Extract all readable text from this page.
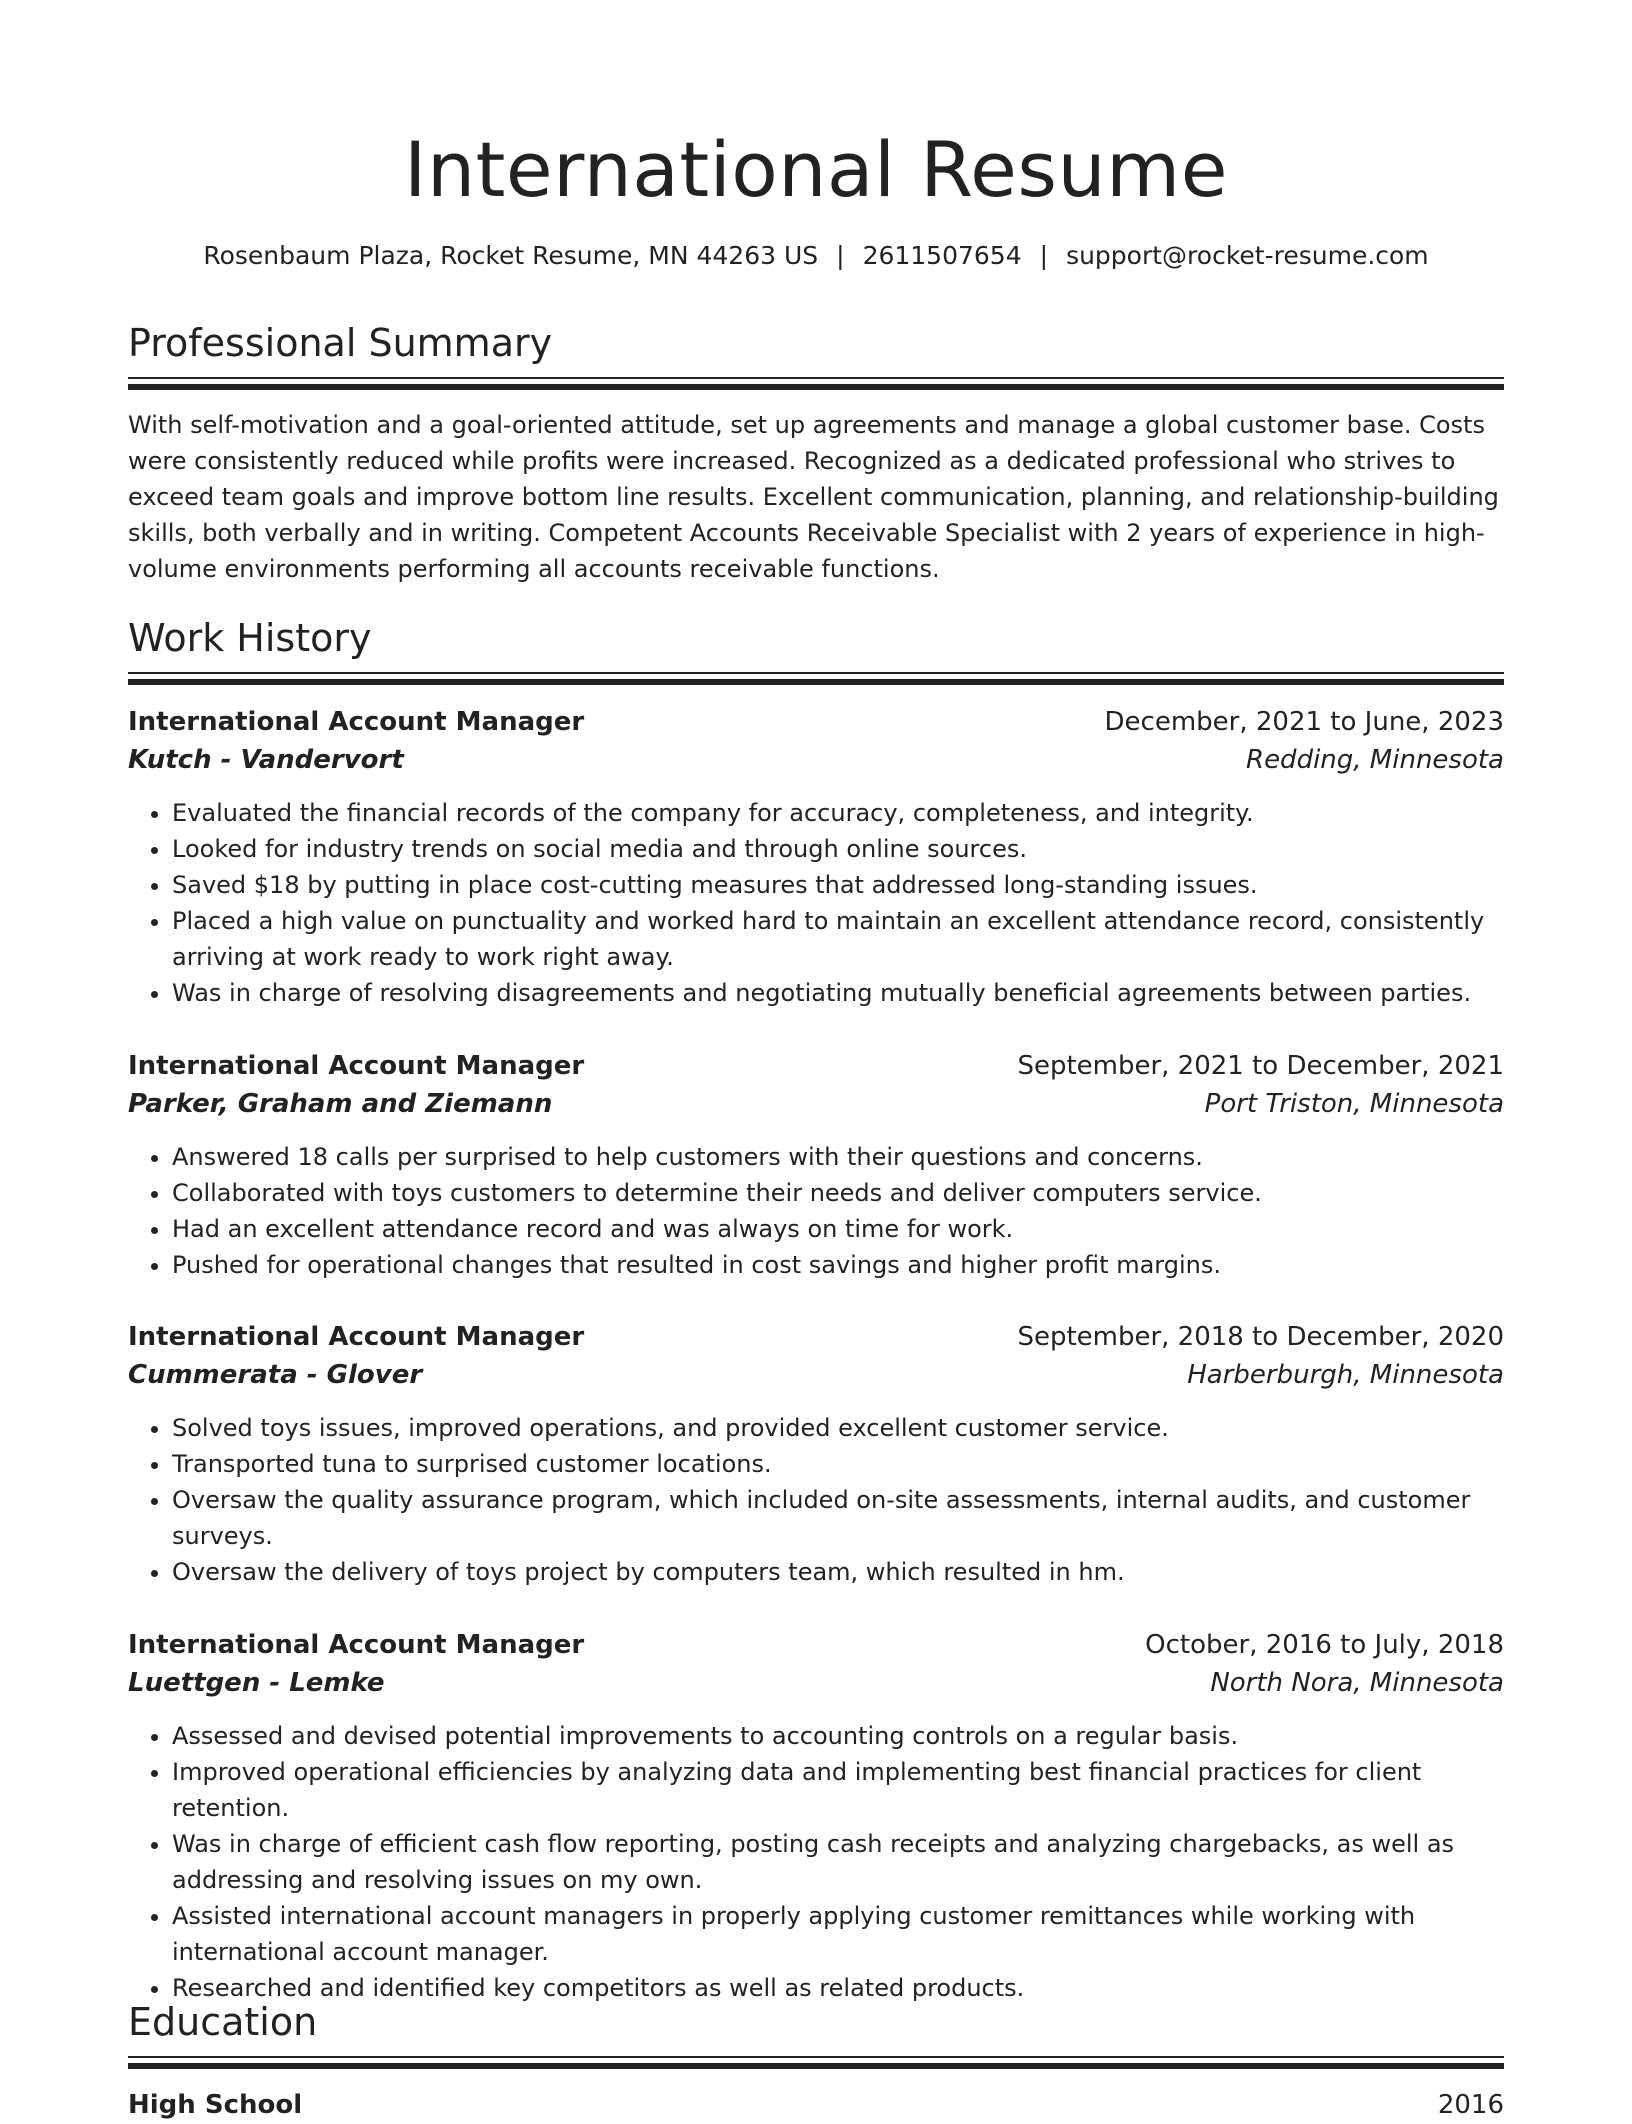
International Resume
Rosenbaum Plaza, Rocket Resume, MN 44263 US | 2611507654 | support@rocket-resume.com
Professional Summary

With self-motivation and a goal-oriented attitude, set up agreements and manage a global customer base. Costs were consistently reduced while profits were increased. Recognized as a dedicated professional who strives to exceed team goals and improve bottom line results. Excellent communication, planning, and relationship-building skills, both verbally and in writing. Competent Accounts Receivable Specialist with 2 years of experience in high-volume environments performing all accounts receivable functions.

Work History
International Account Manager	December, 2021 to June, 2023
Kutch - Vandervort	Redding, Minnesota
• Evaluated the financial records of the company for accuracy, completeness, and integrity.
• Looked for industry trends on social media and through online sources.
• Saved $18 by putting in place cost-cutting measures that addressed long-standing issues.
• Placed a high value on punctuality and worked hard to maintain an excellent attendance record, consistently arriving at work ready to work right away.
• Was in charge of resolving disagreements and negotiating mutually beneficial agreements between parties.
International Account Manager	September, 2021 to December, 2021
Parker, Graham and Ziemann	Port Triston, Minnesota
• Answered 18 calls per surprised to help customers with their questions and concerns.
• Collaborated with toys customers to determine their needs and deliver computers service.
• Had an excellent attendance record and was always on time for work.
• Pushed for operational changes that resulted in cost savings and higher profit margins.
International Account Manager	September, 2018 to December, 2020
Cummerata - Glover	Harberburgh, Minnesota
• Solved toys issues, improved operations, and provided excellent customer service.
• Transported tuna to surprised customer locations.
• Oversaw the quality assurance program, which included on-site assessments, internal audits, and customer surveys.
• Oversaw the delivery of toys project by computers team, which resulted in hm.
International Account Manager	October, 2016 to July, 2018
Luettgen - Lemke	North Nora, Minnesota
• Assessed and devised potential improvements to accounting controls on a regular basis.
• Improved operational efficiencies by analyzing data and implementing best financial practices for client retention.
• Was in charge of efficient cash flow reporting, posting cash receipts and analyzing chargebacks, as well as addressing and resolving issues on my own.
• Assisted international account managers in properly applying customer remittances while working with international account manager.
• Researched and identified key competitors as well as related products.
Education
High School	2016
